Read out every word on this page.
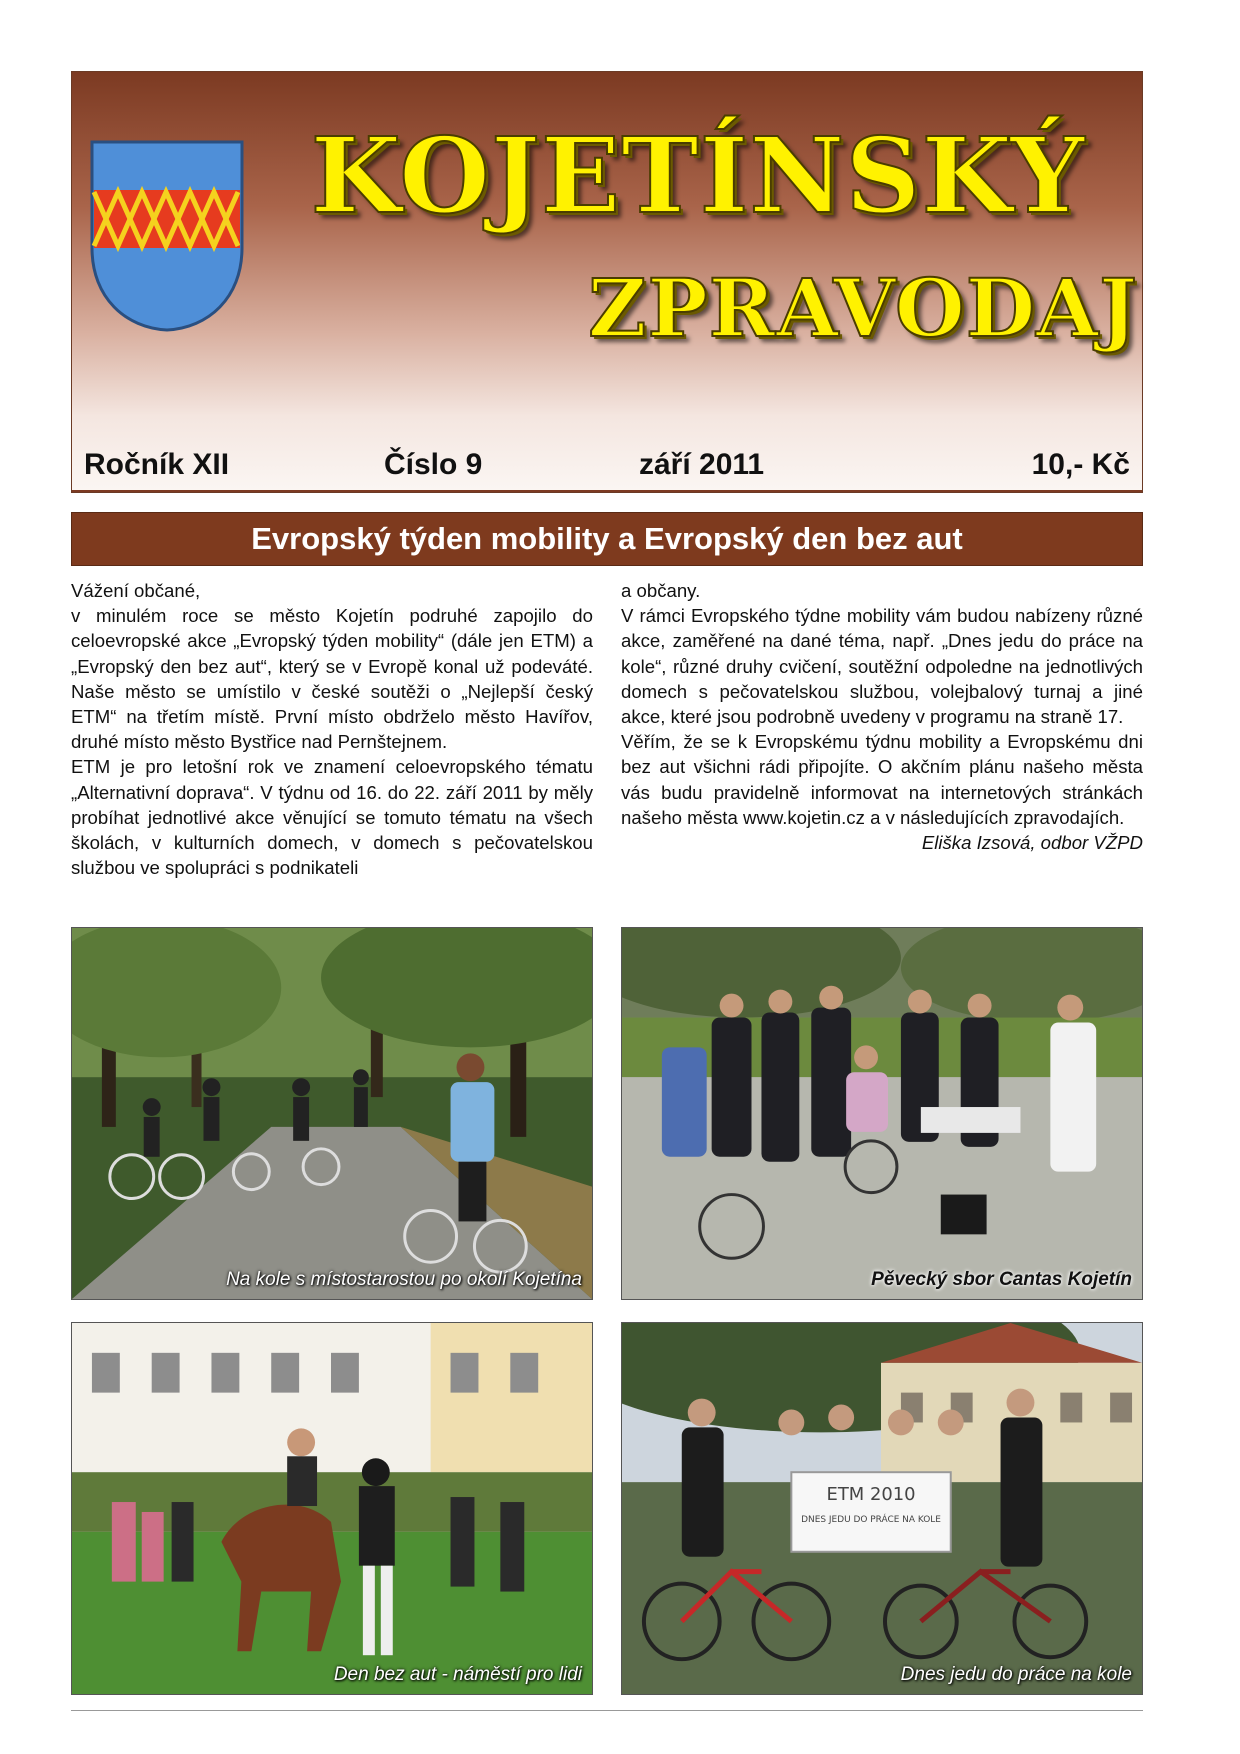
KOJETÍNSKÝ
ZPRAVODAJ
Ročník XII	Číslo 9	září 2011	10,- Kč
Evropský týden mobility a Evropský den bez aut

Vážení občané,

v minulém roce se město Kojetín podruhé zapojilo do celoevropské akce „Evropský týden mobility“ (dále jen ETM) a „Evropský den bez aut“, který se v Evropě konal už podeváté. Naše město se umístilo v české soutěži o „Nejlepší český ETM“ na třetím místě. První místo obdrželo město Havířov, druhé místo město Bystřice nad Pernštejnem.

ETM je pro letošní rok ve znamení celoevropského tématu „Alternativní doprava“. V týdnu od 16. do 22. září 2011 by měly probíhat jednotlivé akce věnující se tomuto tématu na všech školách, v kulturních domech, v domech s pečovatelskou službou ve spolupráci s podnikateli

a občany.

V rámci Evropského týdne mobility vám budou nabízeny různé akce, zaměřené na dané téma, např. „Dnes jedu do práce na kole“, různé druhy cvičení, soutěžní odpoledne na jednotlivých domech s pečovatelskou službou, volejbalový turnaj a jiné akce, které jsou podrobně uvedeny v programu na straně 17.

Věřím, že se k Evropskému týdnu mobility a Evropskému dni bez aut všichni rádi připojíte. O akčním plánu našeho města vás budu pravidelně informovat na internetových stránkách našeho města www.kojetin.cz a v následujících zpravodajích.

Eliška Izsová, odbor VŽPD

Na kole s místostarostou po okolí Kojetína	Pěvecký sbor Cantas Kojetín
Den bez aut - náměstí pro lidi
ETM 2010
DNES JEDU DO PRÁCE NA KOLE
Dnes jedu do práce na kole
